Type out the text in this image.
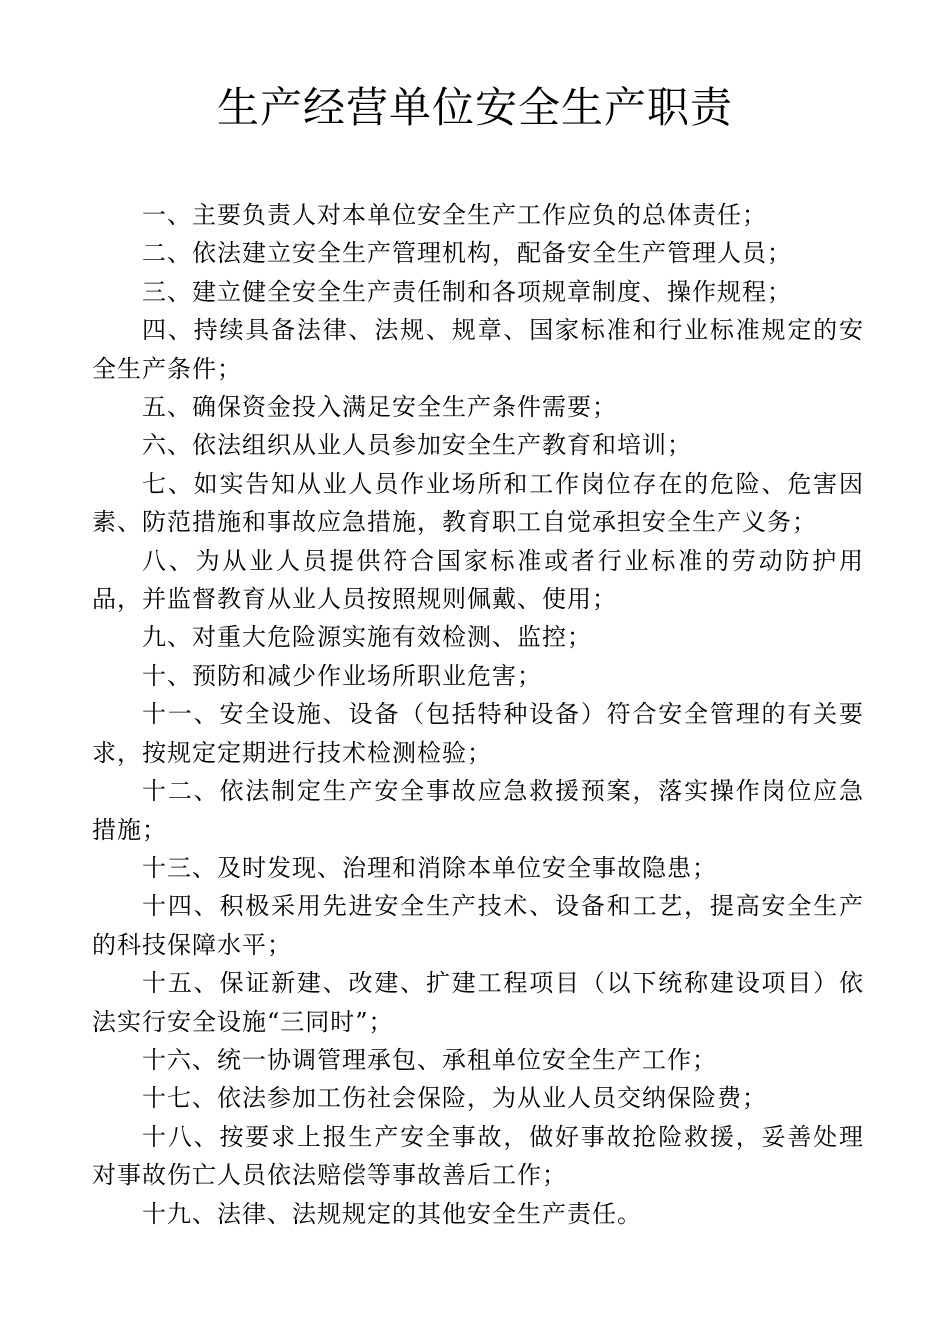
生产经营单位安全生产职责

一、主要负责人对本单位安全生产工作应负的总体责任；

二、依法建立安全生产管理机构，配备安全生产管理人员；

三、建立健全安全生产责任制和各项规章制度、操作规程；

四、持续具备法律、法规、规章、国家标准和行业标准规定的安全生产条件；

五、确保资金投入满足安全生产条件需要；

六、依法组织从业人员参加安全生产教育和培训；

七、如实告知从业人员作业场所和工作岗位存在的危险、危害因素、防范措施和事故应急措施，教育职工自觉承担安全生产义务；

八、为从业人员提供符合国家标准或者行业标准的劳动防护用品，并监督教育从业人员按照规则佩戴、使用；

九、对重大危险源实施有效检测、监控；

十、预防和减少作业场所职业危害；

十一、安全设施、设备（包括特种设备）符合安全管理的有关要求，按规定定期进行技术检测检验；

十二、依法制定生产安全事故应急救援预案，落实操作岗位应急措施；

十三、及时发现、治理和消除本单位安全事故隐患；

十四、积极采用先进安全生产技术、设备和工艺，提高安全生产的科技保障水平；

十五、保证新建、改建、扩建工程项目（以下统称建设项目）依法实行安全设施“三同时”；

十六、统一协调管理承包、承租单位安全生产工作；

十七、依法参加工伤社会保险，为从业人员交纳保险费；

十八、按要求上报生产安全事故，做好事故抢险救援，妥善处理对事故伤亡人员依法赔偿等事故善后工作；

十九、法律、法规规定的其他安全生产责任。
